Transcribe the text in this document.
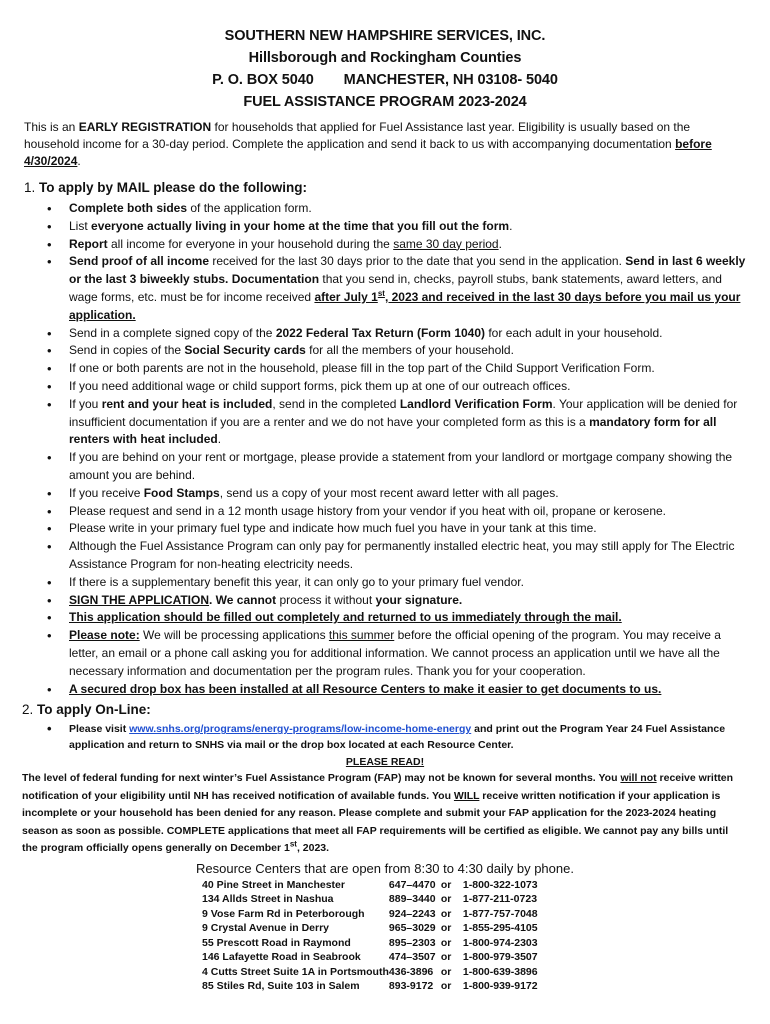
SOUTHERN NEW HAMPSHIRE SERVICES, INC.
Hillsborough and Rockingham Counties
P. O. BOX 5040 MANCHESTER, NH 03108- 5040
FUEL ASSISTANCE PROGRAM 2023-2024

This is an EARLY REGISTRATION for households that applied for Fuel Assistance last year. Eligibility is usually based on the household income for a 30-day period. Complete the application and send it back to us with accompanying documentation before 4/30/2024.

1. To apply by MAIL please do the following:
• Complete both sides of the application form.
• List everyone actually living in your home at the time that you fill out the form.
• Report all income for everyone in your household during the same 30 day period.
• Send proof of all income received for the last 30 days prior to the date that you send in the application. Send in last 6 weekly or the last 3 biweekly stubs. Documentation that you send in, checks, payroll stubs, bank statements, award letters, and wage forms, etc. must be for income received after July 1st, 2023 and received in the last 30 days before you mail us your application.
• Send in a complete signed copy of the 2022 Federal Tax Return (Form 1040) for each adult in your household.
• Send in copies of the Social Security cards for all the members of your household.
• If one or both parents are not in the household, please fill in the top part of the Child Support Verification Form.
• If you need additional wage or child support forms, pick them up at one of our outreach offices.
• If you rent and your heat is included, send in the completed Landlord Verification Form. Your application will be denied for insufficient documentation if you are a renter and we do not have your completed form as this is a mandatory form for all renters with heat included.
• If you are behind on your rent or mortgage, please provide a statement from your landlord or mortgage company showing the amount you are behind.
• If you receive Food Stamps, send us a copy of your most recent award letter with all pages.
• Please request and send in a 12 month usage history from your vendor if you heat with oil, propane or kerosene.
• Please write in your primary fuel type and indicate how much fuel you have in your tank at this time.
• Although the Fuel Assistance Program can only pay for permanently installed electric heat, you may still apply for The Electric Assistance Program for non-heating electricity needs.
• If there is a supplementary benefit this year, it can only go to your primary fuel vendor.
• SIGN THE APPLICATION. We cannot process it without your signature.
• This application should be filled out completely and returned to us immediately through the mail.
• Please note: We will be processing applications this summer before the official opening of the program. You may receive a letter, an email or a phone call asking you for additional information. We cannot process an application until we have all the necessary information and documentation per the program rules. Thank you for your cooperation.
• A secured drop box has been installed at all Resource Centers to make it easier to get documents to us.
2. To apply On-Line:
• Please visit www.snhs.org/programs/energy-programs/low-income-home-energy and print out the Program Year 24 Fuel Assistance application and return to SNHS via mail or the drop box located at each Resource Center.
PLEASE READ!

The level of federal funding for next winter’s Fuel Assistance Program (FAP) may not be known for several months. You will not receive written notification of your eligibility until NH has received notification of available funds. You WILL receive written notification if your application is incomplete or your household has been denied for any reason. Please complete and submit your FAP application for the 2023-2024 heating season as soon as possible. COMPLETE applications that meet all FAP requirements will be certified as eligible. We cannot pay any bills until the program officially opens generally on December 1st, 2023.

Resource Centers that are open from 8:30 to 4:30 daily by phone.
40 Pine Street in Manchester	647–4470	or	1-800-322-1073
134 Allds Street in Nashua	889–3440	or	1-877-211-0723
9 Vose Farm Rd in Peterborough	924–2243	or	1-877-757-7048
9 Crystal Avenue in Derry	965–3029	or	1-855-295-4105
55 Prescott Road in Raymond	895–2303	or	1-800-974-2303
146 Lafayette Road in Seabrook	474–3507	or	1-800-979-3507
4 Cutts Street Suite 1A in Portsmouth	436-3896	or	1-800-639-3896
85 Stiles Rd, Suite 103 in Salem	893-9172	or	1-800-939-9172
